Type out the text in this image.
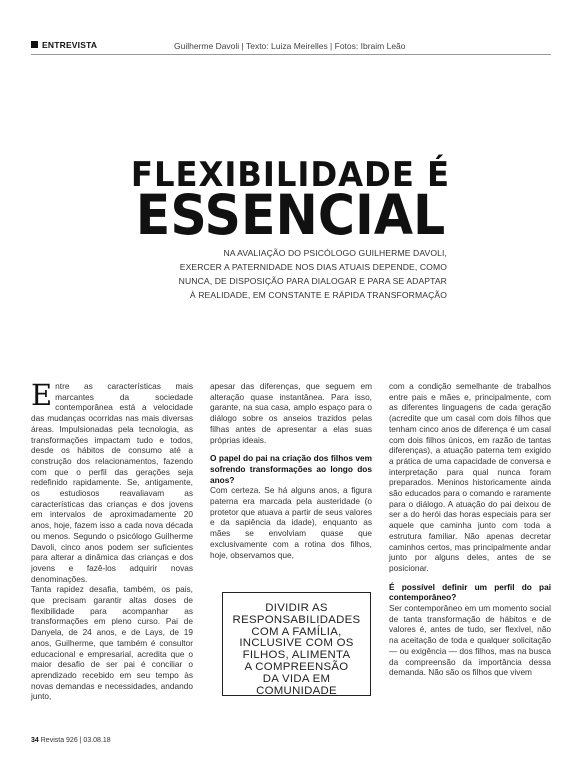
ENTREVISTA	Guilherme Davoli | Texto: Luiza Meirelles | Fotos: Ibraim Leão
FLEXIBILIDADE É
ESSENCIAL
NA AVALIAÇÃO DO PSICÓLOGO GUILHERME DAVOLI,
EXERCER A PATERNIDADE NOS DIAS ATUAIS DEPENDE, COMO
NUNCA, DE DISPOSIÇÃO PARA DIALOGAR E PARA SE ADAPTAR
À REALIDADE, EM CONSTANTE E RÁPIDA TRANSFORMAÇÃO

Entre as características mais marcantes da sociedade contemporânea está a velocidade das mudanças ocorridas nas mais diversas áreas. Impulsionadas pela tecnologia, as transformações impactam tudo e todos, desde os hábitos de consumo até a construção dos relacionamentos, fazendo com que o perfil das gerações seja redefinido rapidamente. Se, antigamente, os estudiosos reavaliavam as características das crianças e dos jovens em intervalos de aproximadamente 20 anos, hoje, fazem isso a cada nova década ou menos. Segundo o psicólogo Guilherme Davoli, cinco anos podem ser suficientes para alterar a dinâmica das crianças e dos jovens e fazê-los adquirir novas denominações.

Tanta rapidez desafia, também, os pais, que precisam garantir altas doses de flexibilidade para acompanhar as transformações em pleno curso. Pai de Danyela, de 24 anos, e de Lays, de 19 anos, Guilherme, que também é consultor educacional e empresarial, acredita que o maior desafio de ser pai é conciliar o aprendizado recebido em seu tempo às novas demandas e necessidades, andando junto,

apesar das diferenças, que seguem em alteração quase instantânea. Para isso, garante, na sua casa, amplo espaço para o diálogo sobre os anseios trazidos pelas filhas antes de apresentar a elas suas próprias ideais.

O papel do pai na criação dos filhos vem sofrendo transformações ao longo dos anos?

Com certeza. Se há alguns anos, a figura paterna era marcada pela austeridade (o protetor que atuava a partir de seus valores e da sapiência da idade), enquanto as mães se envolviam quase que exclusivamente com a rotina dos filhos, hoje, observamos que,

com a condição semelhante de trabalhos entre pais e mães e, principalmente, com as diferentes linguagens de cada geração (acredite que um casal com dois filhos que tenham cinco anos de diferença é um casal com dois filhos únicos, em razão de tantas diferenças), a atuação paterna tem exigido a prática de uma capacidade de conversa e interpretação para qual nunca foram preparados. Meninos historicamente ainda são educados para o comando e raramente para o diálogo. A atuação do pai deixou de ser a do herói das horas especiais para ser aquele que caminha junto com toda a estrutura familiar. Não apenas decretar caminhos certos, mas principalmente andar junto por alguns deles, antes de se posicionar.

É possível definir um perfil do pai contemporâneo?

Ser contemporâneo em um momento social de tanta transformação de hábitos e de valores é, antes de tudo, ser flexível, não na aceitação de toda e qualquer solicitação — ou exigência — dos filhos, mas na busca da compreensão da importância dessa demanda. Não são os filhos que vivem

DIVIDIR AS
RESPONSABILIDADES
COM A FAMÍLIA,
INCLUSIVE COM OS
FILHOS, ALIMENTA
A COMPREENSÃO
DA VIDA EM
COMUNIDADE
34 Revista 926 | 03.08.18
